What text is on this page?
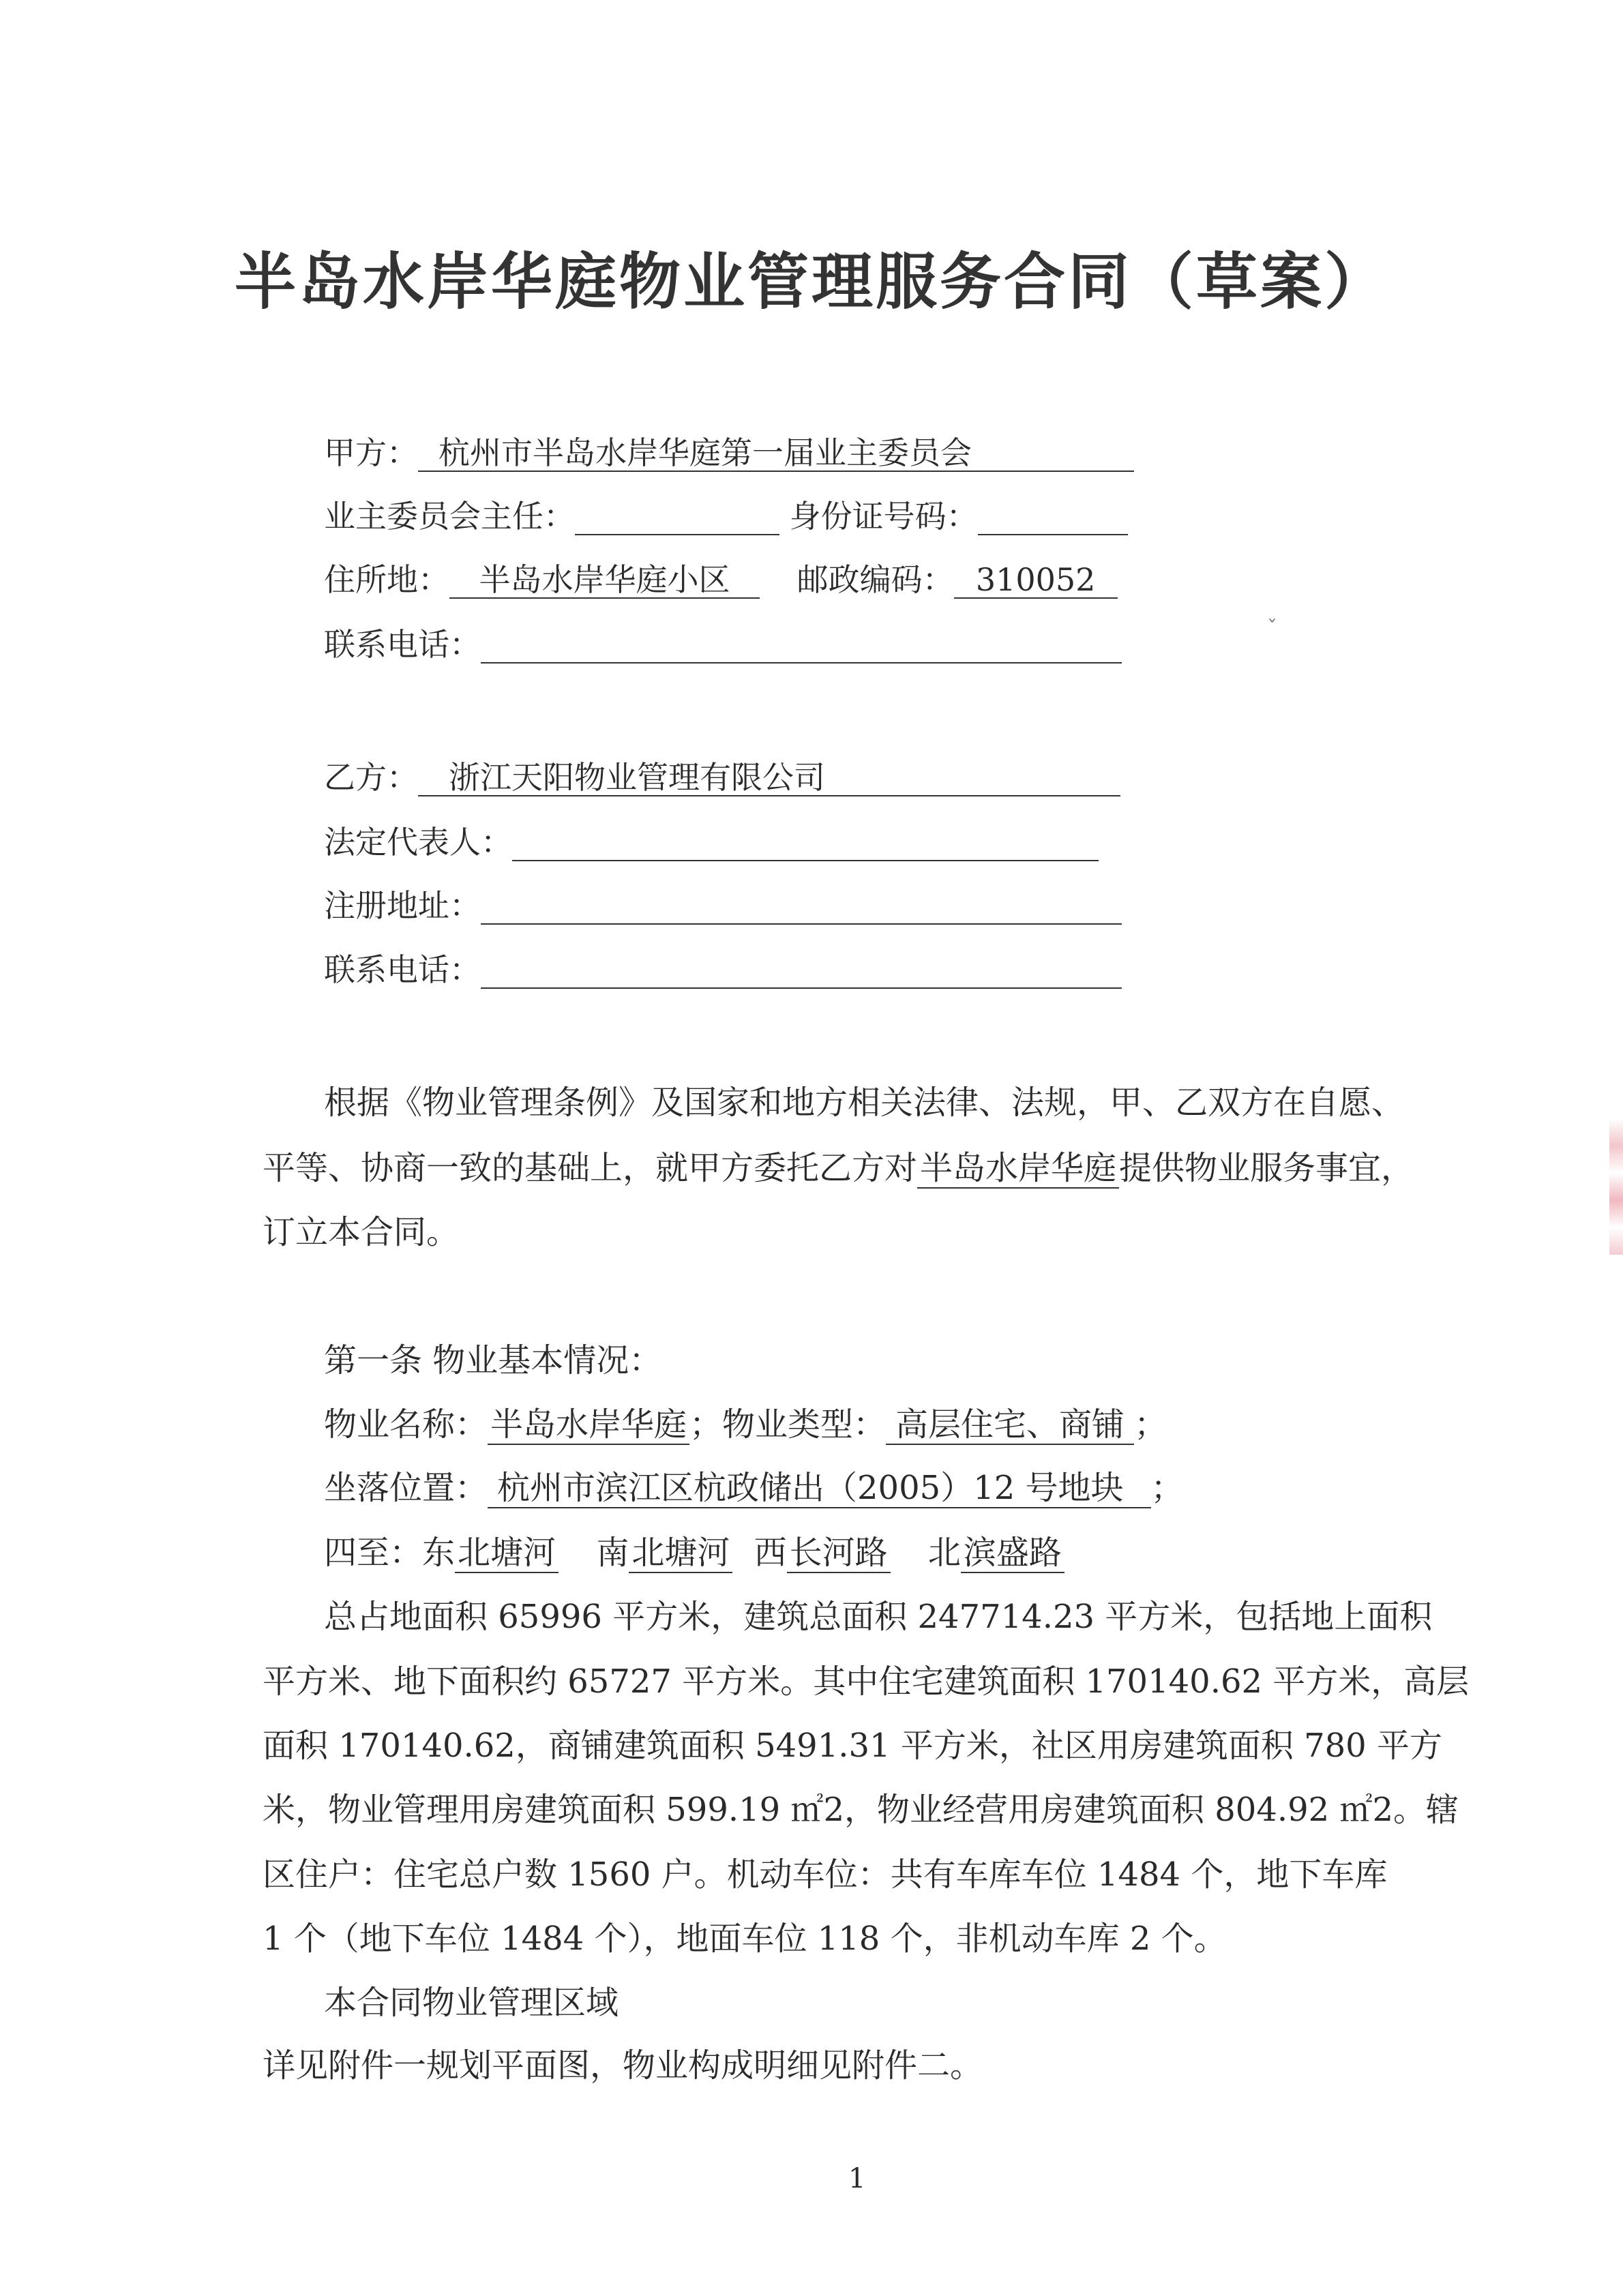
半岛水岸华庭物业管理服务合同（草案）
甲方： 杭州市半岛水岸华庭第一届业主委员会
业主委员会主任：	身份证号码：
住所地： 半岛水岸华庭小区 邮政编码： 310052
联系电话：
乙方： 浙江天阳物业管理有限公司
法定代表人：
注册地址：
联系电话：
根据《物业管理条例》及国家和地方相关法律、法规，甲、乙双方在自愿、
平等、协商一致的基础上，就甲方委托乙方对半岛水岸华庭提供物业服务事宜，
订立本合同。
第一条 物业基本情况：
物业名称：半岛水岸华庭；物业类型： 高层住宅、商铺 ；
坐落位置： 杭州市滨江区杭政储出（2005）12 号地块 ；
四至：东北塘河 南北塘河 西长河路 北滨盛路
总占地面积 65996 平方米，建筑总面积 247714.23 平方米，包括地上面积
平方米、地下面积约 65727 平方米。其中住宅建筑面积 170140.62 平方米，高层
面积 170140.62，商铺建筑面积 5491.31 平方米，社区用房建筑面积 780 平方
米，物业管理用房建筑面积 599.19 ㎡2，物业经营用房建筑面积 804.92 ㎡2。辖
区住户：住宅总户数 1560 户。机动车位：共有车库车位 1484 个，地下车库
1 个（地下车位 1484 个），地面车位 118 个，非机动车库 2 个。
本合同物业管理区域
详见附件一规划平面图，物业构成明细见附件二。
1
ˇ
